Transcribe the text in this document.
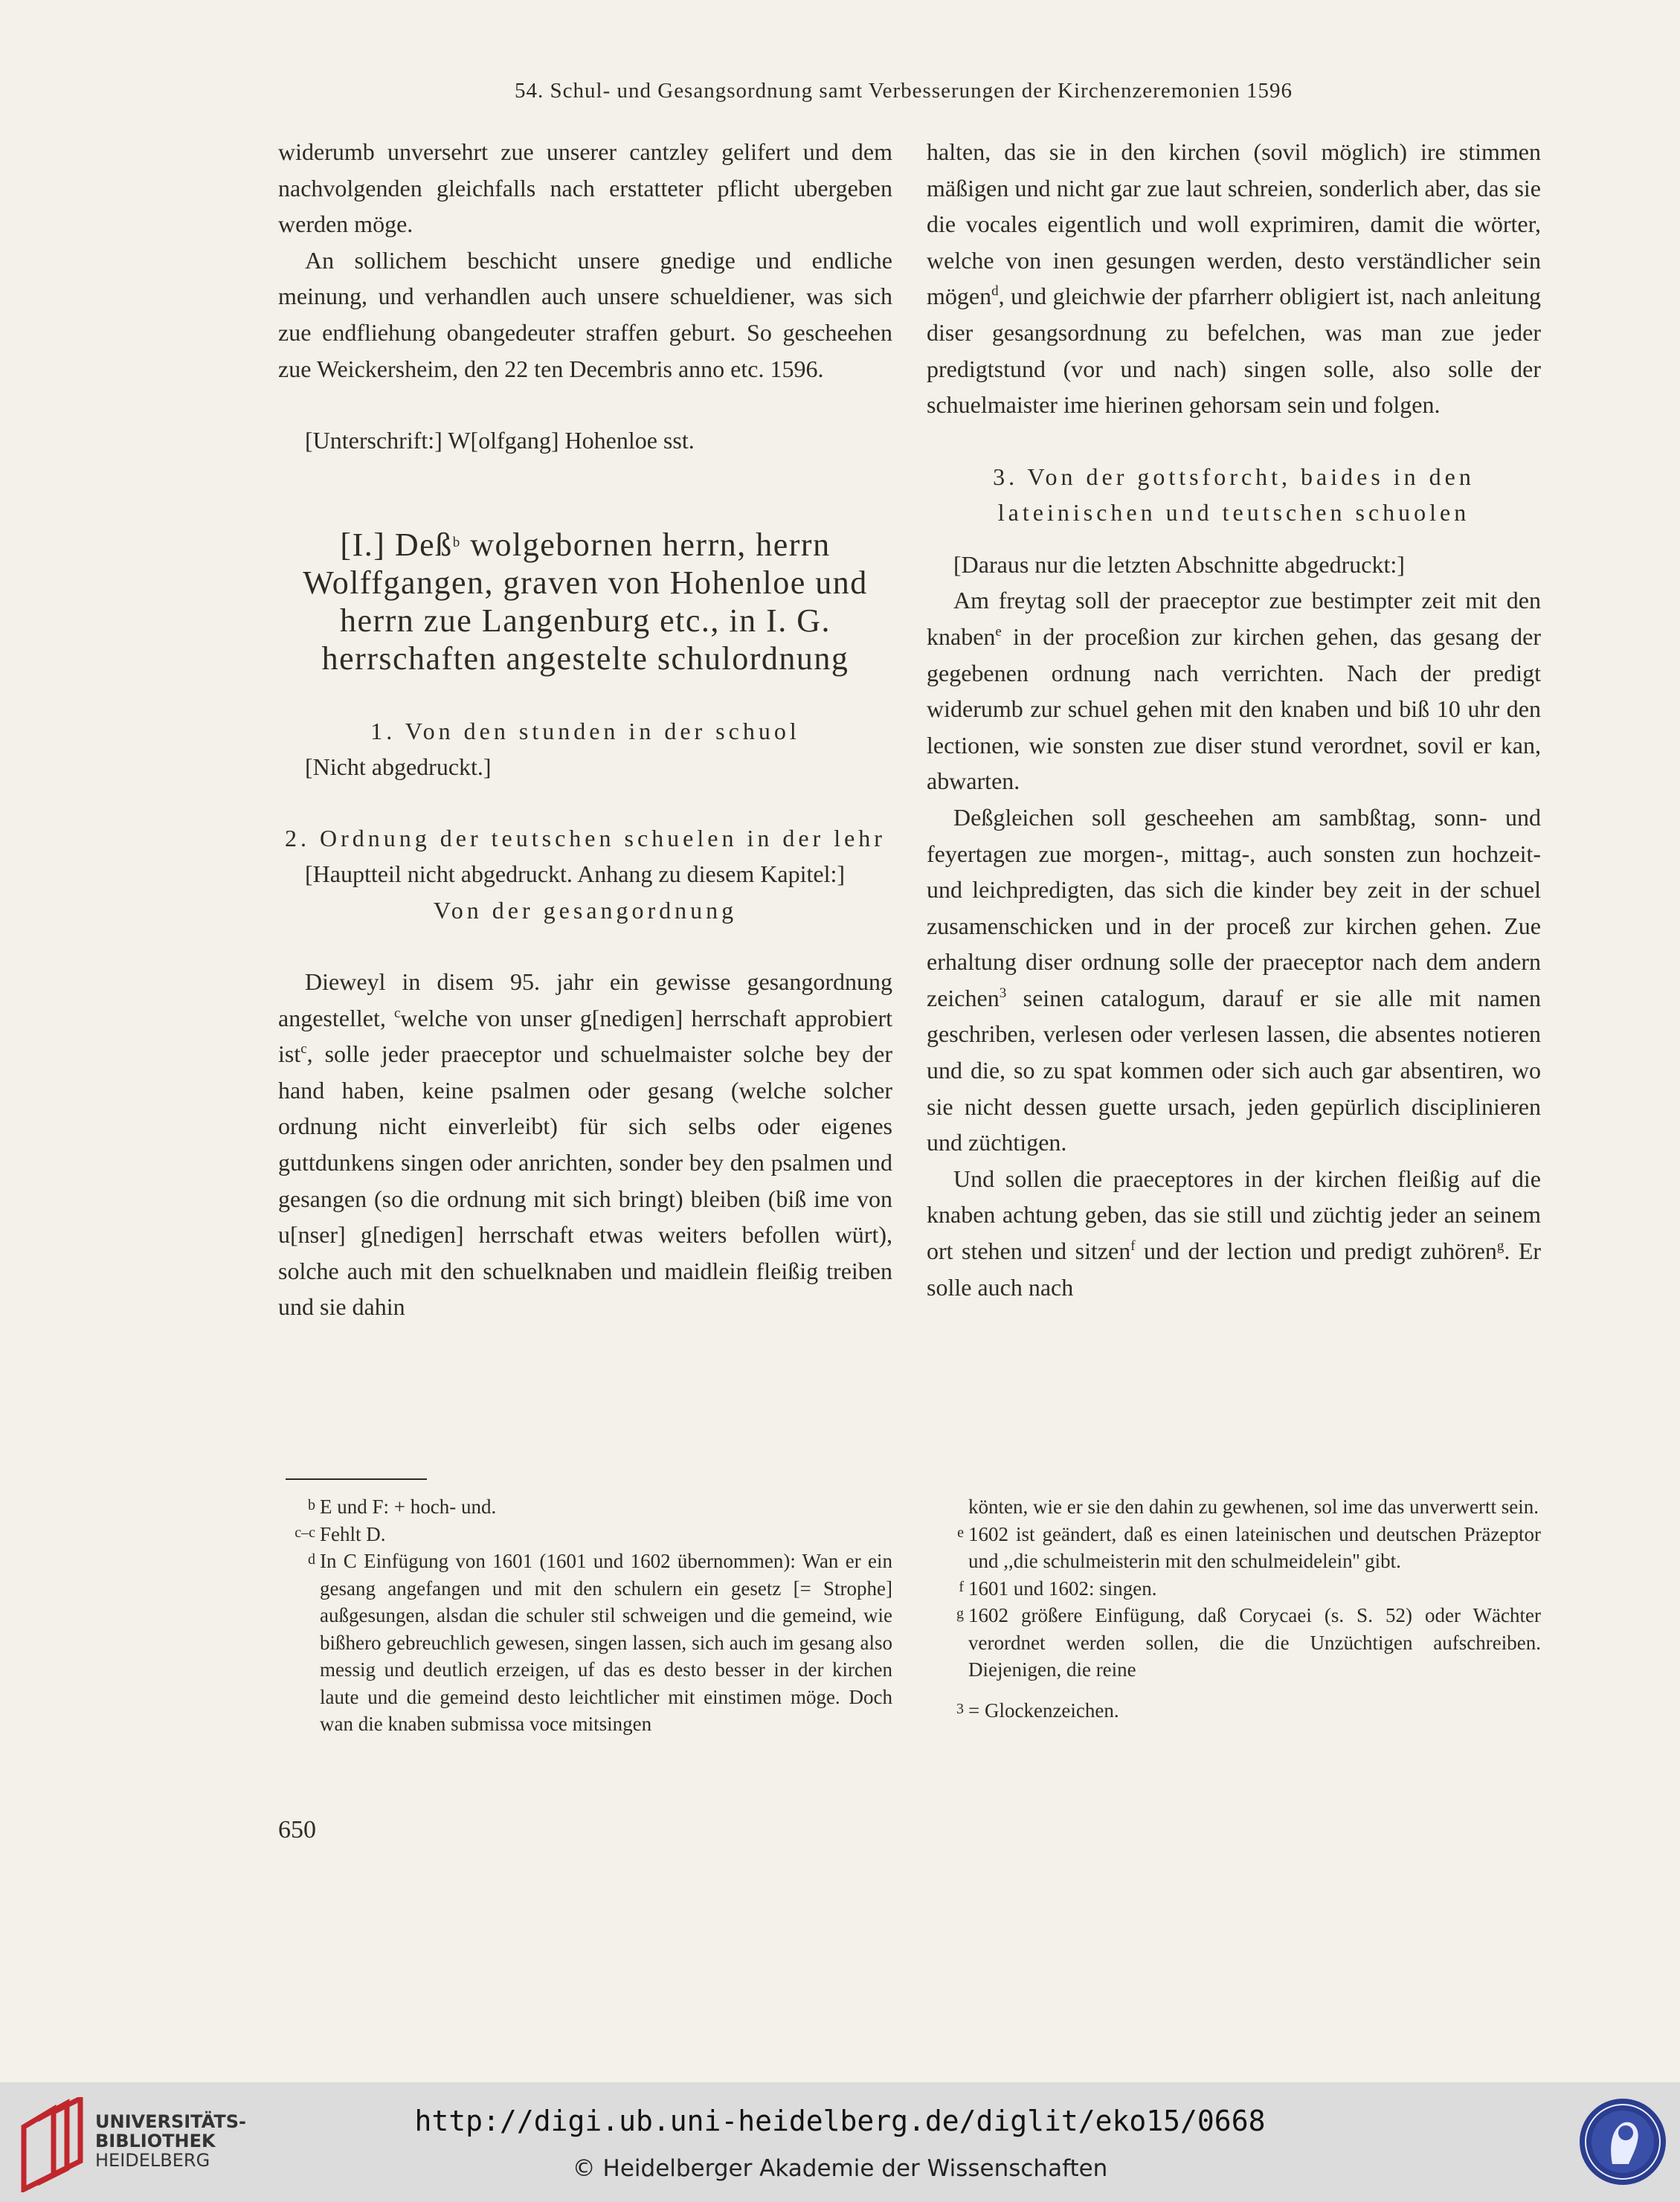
54. Schul- und Gesangsordnung samt Verbesserungen der Kirchenzeremonien 1596

widerumb unversehrt zue unserer cantzley gelifert und dem nachvolgenden gleichfalls nach erstatteter pflicht ubergeben werden möge.

An sollichem beschicht unsere gnedige und endliche meinung, und verhandlen auch unsere schueldiener, was sich zue endfliehung obangedeuter straffen geburt. So gescheehen zue Weickersheim, den 22 ten Decembris anno etc. 1596.

[Unterschrift:] W[olfgang] Hohenloe sst.

[I.] Deß$^b$ wolgebornen herrn, herrn Wolffgangen, graven von Hohenloe und herrn zue Langenburg etc., in I. G. herrschaften angestelte schulordnung

1. Von den stunden in der schuol

[Nicht abgedruckt.]

2. Ordnung der teutschen schuelen in der lehr

[Hauptteil nicht abgedruckt. Anhang zu diesem Kapitel:]

Von der gesangordnung

Dieweyl in disem 95. jahr ein gewisse gesangordnung angestellet, $^c$welche von unser g[nedigen] herrschaft approbiert ist$^c$, solle jeder praeceptor und schuelmaister solche bey der hand haben, keine psalmen oder gesang (welche solcher ordnung nicht einverleibt) für sich selbs oder eigenes guttdunkens singen oder anrichten, sonder bey den psalmen und gesangen (so die ordnung mit sich bringt) bleiben (biß ime von u[nser] g[nedigen] herrschaft etwas weiters befollen würt), solche auch mit den schuelknaben und maidlein fleißig treiben und sie dahin

halten, das sie in den kirchen (sovil möglich) ire stimmen mäßigen und nicht gar zue laut schreien, sonderlich aber, das sie die vocales eigentlich und woll exprimiren, damit die wörter, welche von inen gesungen werden, desto verständlicher sein mögen$^d$, und gleichwie der pfarrherr obligiert ist, nach anleitung diser gesangsordnung zu befelchen, was man zue jeder predigtstund (vor und nach) singen solle, also solle der schuelmaister ime hierinen gehorsam sein und folgen.

3. Von der gottsforcht, baides in den lateinischen und teutschen schuolen

[Daraus nur die letzten Abschnitte abgedruckt:]

Am freytag soll der praeceptor zue bestimpter zeit mit den knaben$^e$ in der proceßion zur kirchen gehen, das gesang der gegebenen ordnung nach verrichten. Nach der predigt widerumb zur schuel gehen mit den knaben und biß 10 uhr den lectionen, wie sonsten zue diser stund verordnet, sovil er kan, abwarten.

Deßgleichen soll gescheehen am sambßtag, sonn- und feyertagen zue morgen-, mittag-, auch sonsten zun hochzeit- und leichpredigten, das sich die kinder bey zeit in der schuel zusamenschicken und in der proceß zur kirchen gehen. Zue erhaltung diser ordnung solle der praeceptor nach dem andern zeichen$^3$ seinen catalogum, darauf er sie alle mit namen geschriben, verlesen oder verlesen lassen, die absentes notieren und die, so zu spat kommen oder sich auch gar absentiren, wo sie nicht dessen guette ursach, jeden gepürlich disciplinieren und züchtigen.

Und sollen die praeceptores in der kirchen fleißig auf die knaben achtung geben, das sie still und züchtig jeder an seinem ort stehen und sitzen$^f$ und der lection und predigt zuhören$^g$. Er solle auch nach

b E und F: + hoch- und.

c–c Fehlt D.

d In C Einfügung von 1601 (1601 und 1602 übernommen): Wan er ein gesang angefangen und mit den schulern ein gesetz [= Strophe] außgesungen, alsdan die schuler stil schweigen und die gemeind, wie bißhero gebreuchlich gewesen, singen lassen, sich auch im gesang also messig und deutlich erzeigen, uf das es desto besser in der kirchen laute und die gemeind desto leichtlicher mit einstimen möge. Doch wan die knaben submissa voce mitsingen

könten, wie er sie den dahin zu gewhenen, sol ime das unverwertt sein.

e 1602 ist geändert, daß es einen lateinischen und deutschen Präzeptor und ,,die schulmeisterin mit den schulmeidelein'' gibt.

f 1601 und 1602: singen.

g 1602 größere Einfügung, daß Corycaei (s. S. 52) oder Wächter verordnet werden sollen, die die Unzüchtigen aufschreiben. Diejenigen, die reine

3 = Glockenzeichen.

650
UNIVERSITÄTS-
BIBLIOTHEK
HEIDELBERG
http://digi.ub.uni-heidelberg.de/diglit/eko15/0668
© Heidelberger Akademie der Wissenschaften
